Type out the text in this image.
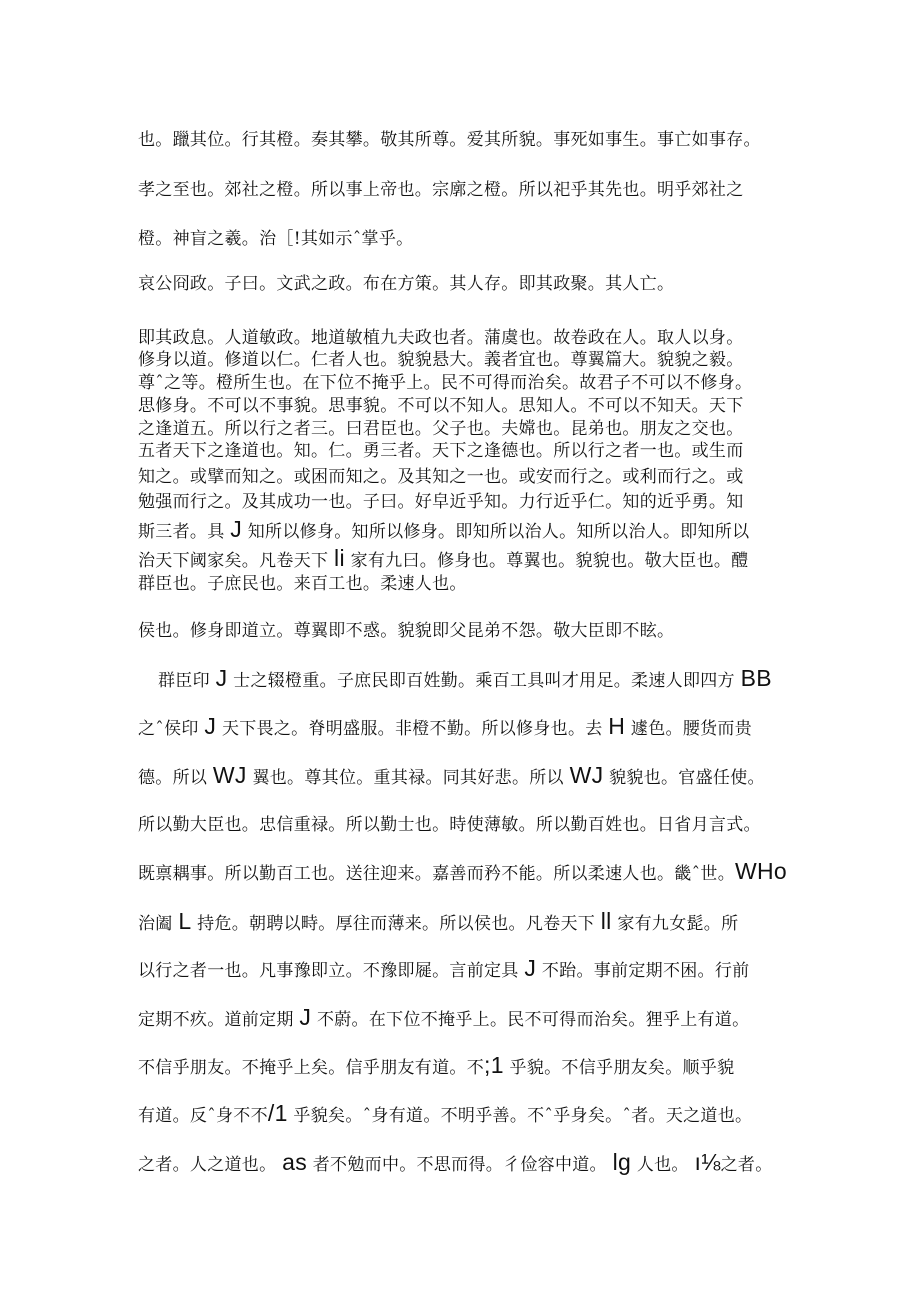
也。躐其位。行其橙。奏其攀。敬其所尊。爱其所貌。事死如事生。事亡如事存。

孝之至也。郊社之橙。所以事上帝也。宗廓之橙。所以祀乎其先也。明乎郊社之

橙。神盲之羲。治［!其如示ˆ掌乎。

哀公冏政。子曰。文武之政。布在方策。其人存。即其政聚。其人亡。

即其政息。人道敏政。地道敏植九夫政也者。蒲虞也。故卷政在人。取人以身。

修身以道。修道以仁。仁者人也。貌貌悬大。義者宜也。尊翼篇大。貌貌之毅。

尊ˆ之等。橙所生也。在下位不掩乎上。民不可得而治矣。故君子不可以不修身。

思修身。不可以不事貌。思事貌。不可以不知人。思知人。不可以不知天。天下

之逢道五。所以行之者三。曰君臣也。父子也。夫嫦也。昆弟也。朋友之交也。

五者天下之逢道也。知。仁。勇三者。天下之逢德也。所以行之者一也。或生而

知之。或擘而知之。或困而知之。及其知之一也。或安而行之。或利而行之。或

勉强而行之。及其成功一也。子曰。好皁近乎知。力行近乎仁。知的近乎勇。知

斯三者。具 J 知所以修身。知所以修身。即知所以治人。知所以治人。即知所以

治天下阈家矣。凡卷天下 li 家有九曰。修身也。尊翼也。貌貌也。敬大臣也。醴

群臣也。子庶民也。来百工也。柔速人也。

侯也。修身即道立。尊翼即不惑。貌貌即父昆弟不怨。敬大臣即不眩。

群臣印 J 士之辍橙重。子庶民即百姓勤。乘百工具叫才用足。柔速人即四方 BB

之ˆ侯印 J 天下畏之。脊明盛服。非橙不勤。所以修身也。去 H 遽色。腰货而贵

德。所以 WJ 翼也。尊其位。重其禄。同其好悲。所以 WJ 貌貌也。官盛任使。

所以勤大臣也。忠信重禄。所以勤士也。時使薄敏。所以勤百姓也。日省月言式。

既禀耦事。所以勤百工也。送往迎来。嘉善而矜不能。所以柔速人也。畿ˆ世。WHo

治阖 L 持危。朝聘以畤。厚往而薄来。所以侯也。凡卷天下 ll 家有九女髭。所

以行之者一也。凡事豫即立。不豫即屣。言前定具 J 不跆。事前定期不困。行前

定期不疚。道前定期 J 不蔚。在下位不掩乎上。民不可得而治矣。狸乎上有道。

不信乎朋友。不掩乎上矣。信乎朋友有道。不;1 乎貌。不信乎朋友矣。顺乎貌

有道。反ˆ身不不/1 乎貌矣。ˆ身有道。不明乎善。不ˆ乎身矣。ˆ者。天之道也。

之者。人之道也。 as 者不勉而中。不思而得。彳俭容中道。 lg 人也。 ı⅛之者。
